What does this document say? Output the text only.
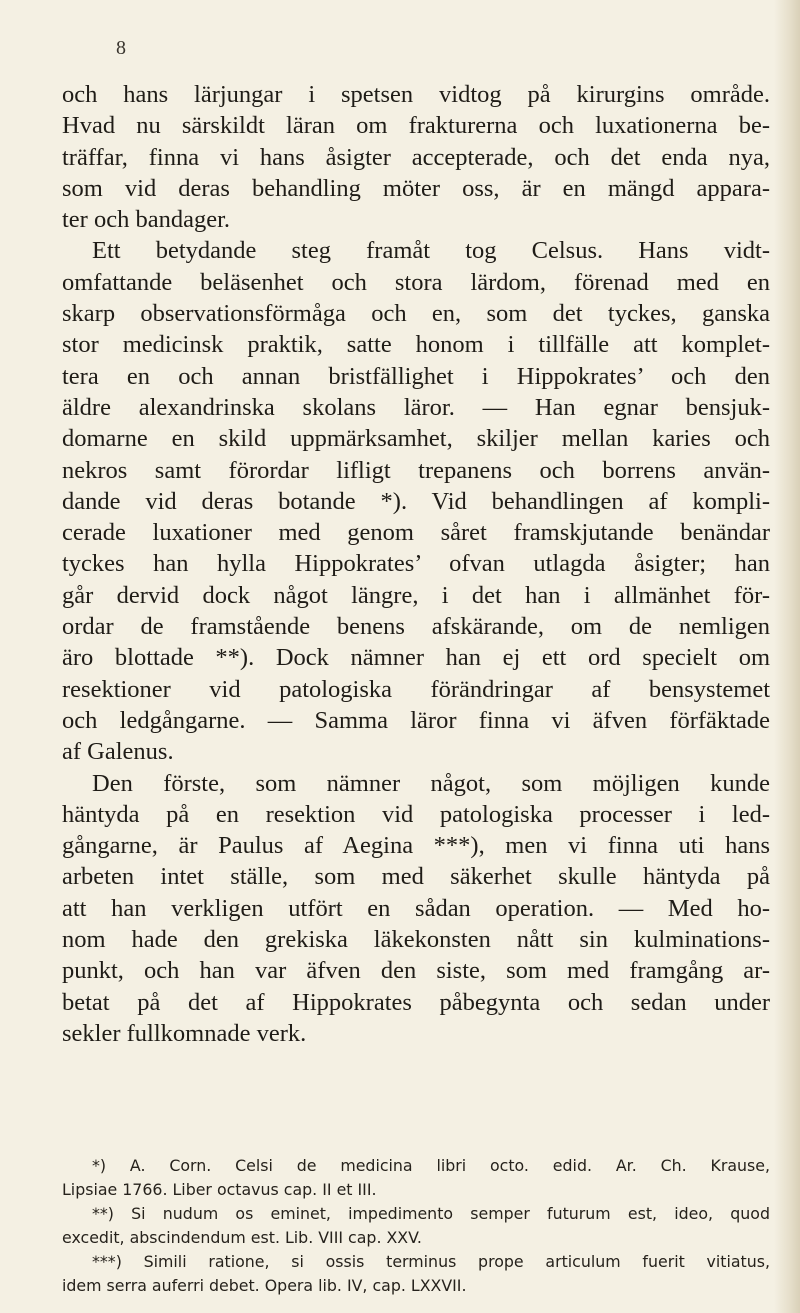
8
och hans lärjungar i spetsen vidtog på kirurgins område.
Hvad nu särskildt läran om frakturerna och luxationerna be-
träffar, finna vi hans åsigter accepterade, och det enda nya,
som vid deras behandling möter oss, är en mängd appara-
ter och bandager.
Ett betydande steg framåt tog Celsus. Hans vidt-
omfattande beläsenhet och stora lärdom, förenad med en
skarp observationsförmåga och en, som det tyckes, ganska
stor medicinsk praktik, satte honom i tillfälle att komplet-
tera en och annan bristfällighet i Hippokrates’ och den
äldre alexandrinska skolans läror. — Han egnar bensjuk-
domarne en skild uppmärksamhet, skiljer mellan karies och
nekros samt förordar lifligt trepanens och borrens använ-
dande vid deras botande *). Vid behandlingen af kompli-
cerade luxationer med genom såret framskjutande benändar
tyckes han hylla Hippokrates’ ofvan utlagda åsigter; han
går dervid dock något längre, i det han i allmänhet för-
ordar de framstående benens afskärande, om de nemligen
äro blottade **). Dock nämner han ej ett ord specielt om
resektioner vid patologiska förändringar af bensystemet
och ledgångarne. — Samma läror finna vi äfven förfäktade
af Galenus.
Den förste, som nämner något, som möjligen kunde
häntyda på en resektion vid patologiska processer i led-
gångarne, är Paulus af Aegina ***), men vi finna uti hans
arbeten intet ställe, som med säkerhet skulle häntyda på
att han verkligen utfört en sådan operation. — Med ho-
nom hade den grekiska läkekonsten nått sin kulminations-
punkt, och han var äfven den siste, som med framgång ar-
betat på det af Hippokrates påbegynta och sedan under
sekler fullkomnade verk.
*) A. Corn. Celsi de medicina libri octo. edid. Ar. Ch. Krause,
Lipsiae 1766. Liber octavus cap. II et III.
**) Si nudum os eminet, impedimento semper futurum est, ideo, quod
excedit, abscindendum est. Lib. VIII cap. XXV.
***) Simili ratione, si ossis terminus prope articulum fuerit vitiatus,
idem serra auferri debet. Opera lib. IV, cap. LXXVII.
